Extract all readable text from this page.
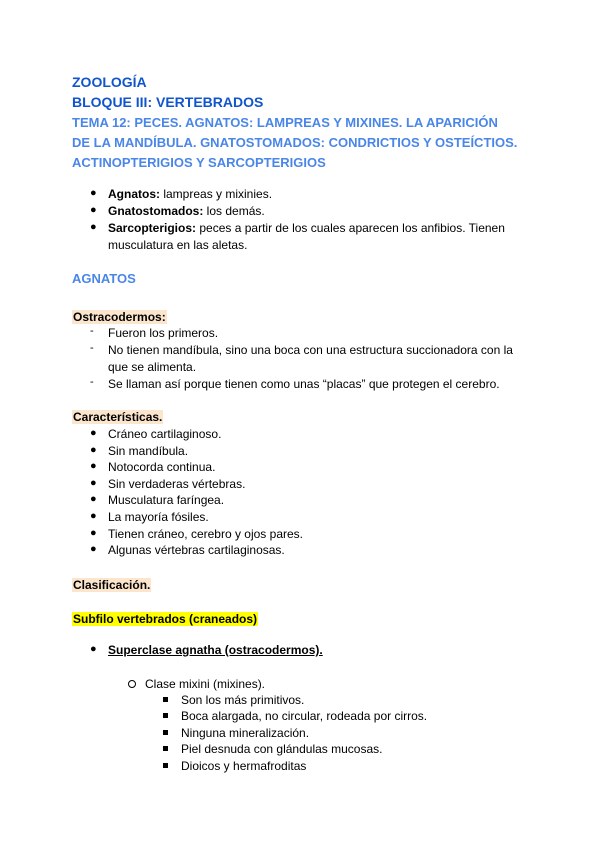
ZOOLOGÍA
BLOQUE III: VERTEBRADOS
TEMA 12: PECES. AGNATOS: LAMPREAS Y MIXINES. LA APARICIÓN
DE LA MANDÍBULA. GNATOSTOMADOS: CONDRICTIOS Y OSTEÍCTIOS.
ACTINOPTERIGIOS Y SARCOPTERIGIOS
● Agnatos: lampreas y mixinies.
● Gnatostomados: los demás.
● Sarcopterigios: peces a partir de los cuales aparecen los anfibios. Tienen
musculatura en las aletas.
AGNATOS
Ostracodermos:
- Fueron los primeros.
- No tienen mandíbula, sino una boca con una estructura succionadora con la
que se alimenta.
- Se llaman así porque tienen como unas “placas” que protegen el cerebro.
Características.
● Cráneo cartilaginoso.
● Sin mandíbula.
● Notocorda continua.
● Sin verdaderas vértebras.
● Musculatura faríngea.
● La mayoría fósiles.
● Tienen cráneo, cerebro y ojos pares.
● Algunas vértebras cartilaginosas.
Clasificación.
Subfilo vertebrados (craneados)
● Superclase agnatha (ostracodermos).
Clase mixini (mixines).
Son los más primitivos.
Boca alargada, no circular, rodeada por cirros.
Ninguna mineralización.
Piel desnuda con glándulas mucosas.
Dioicos y hermafroditas
